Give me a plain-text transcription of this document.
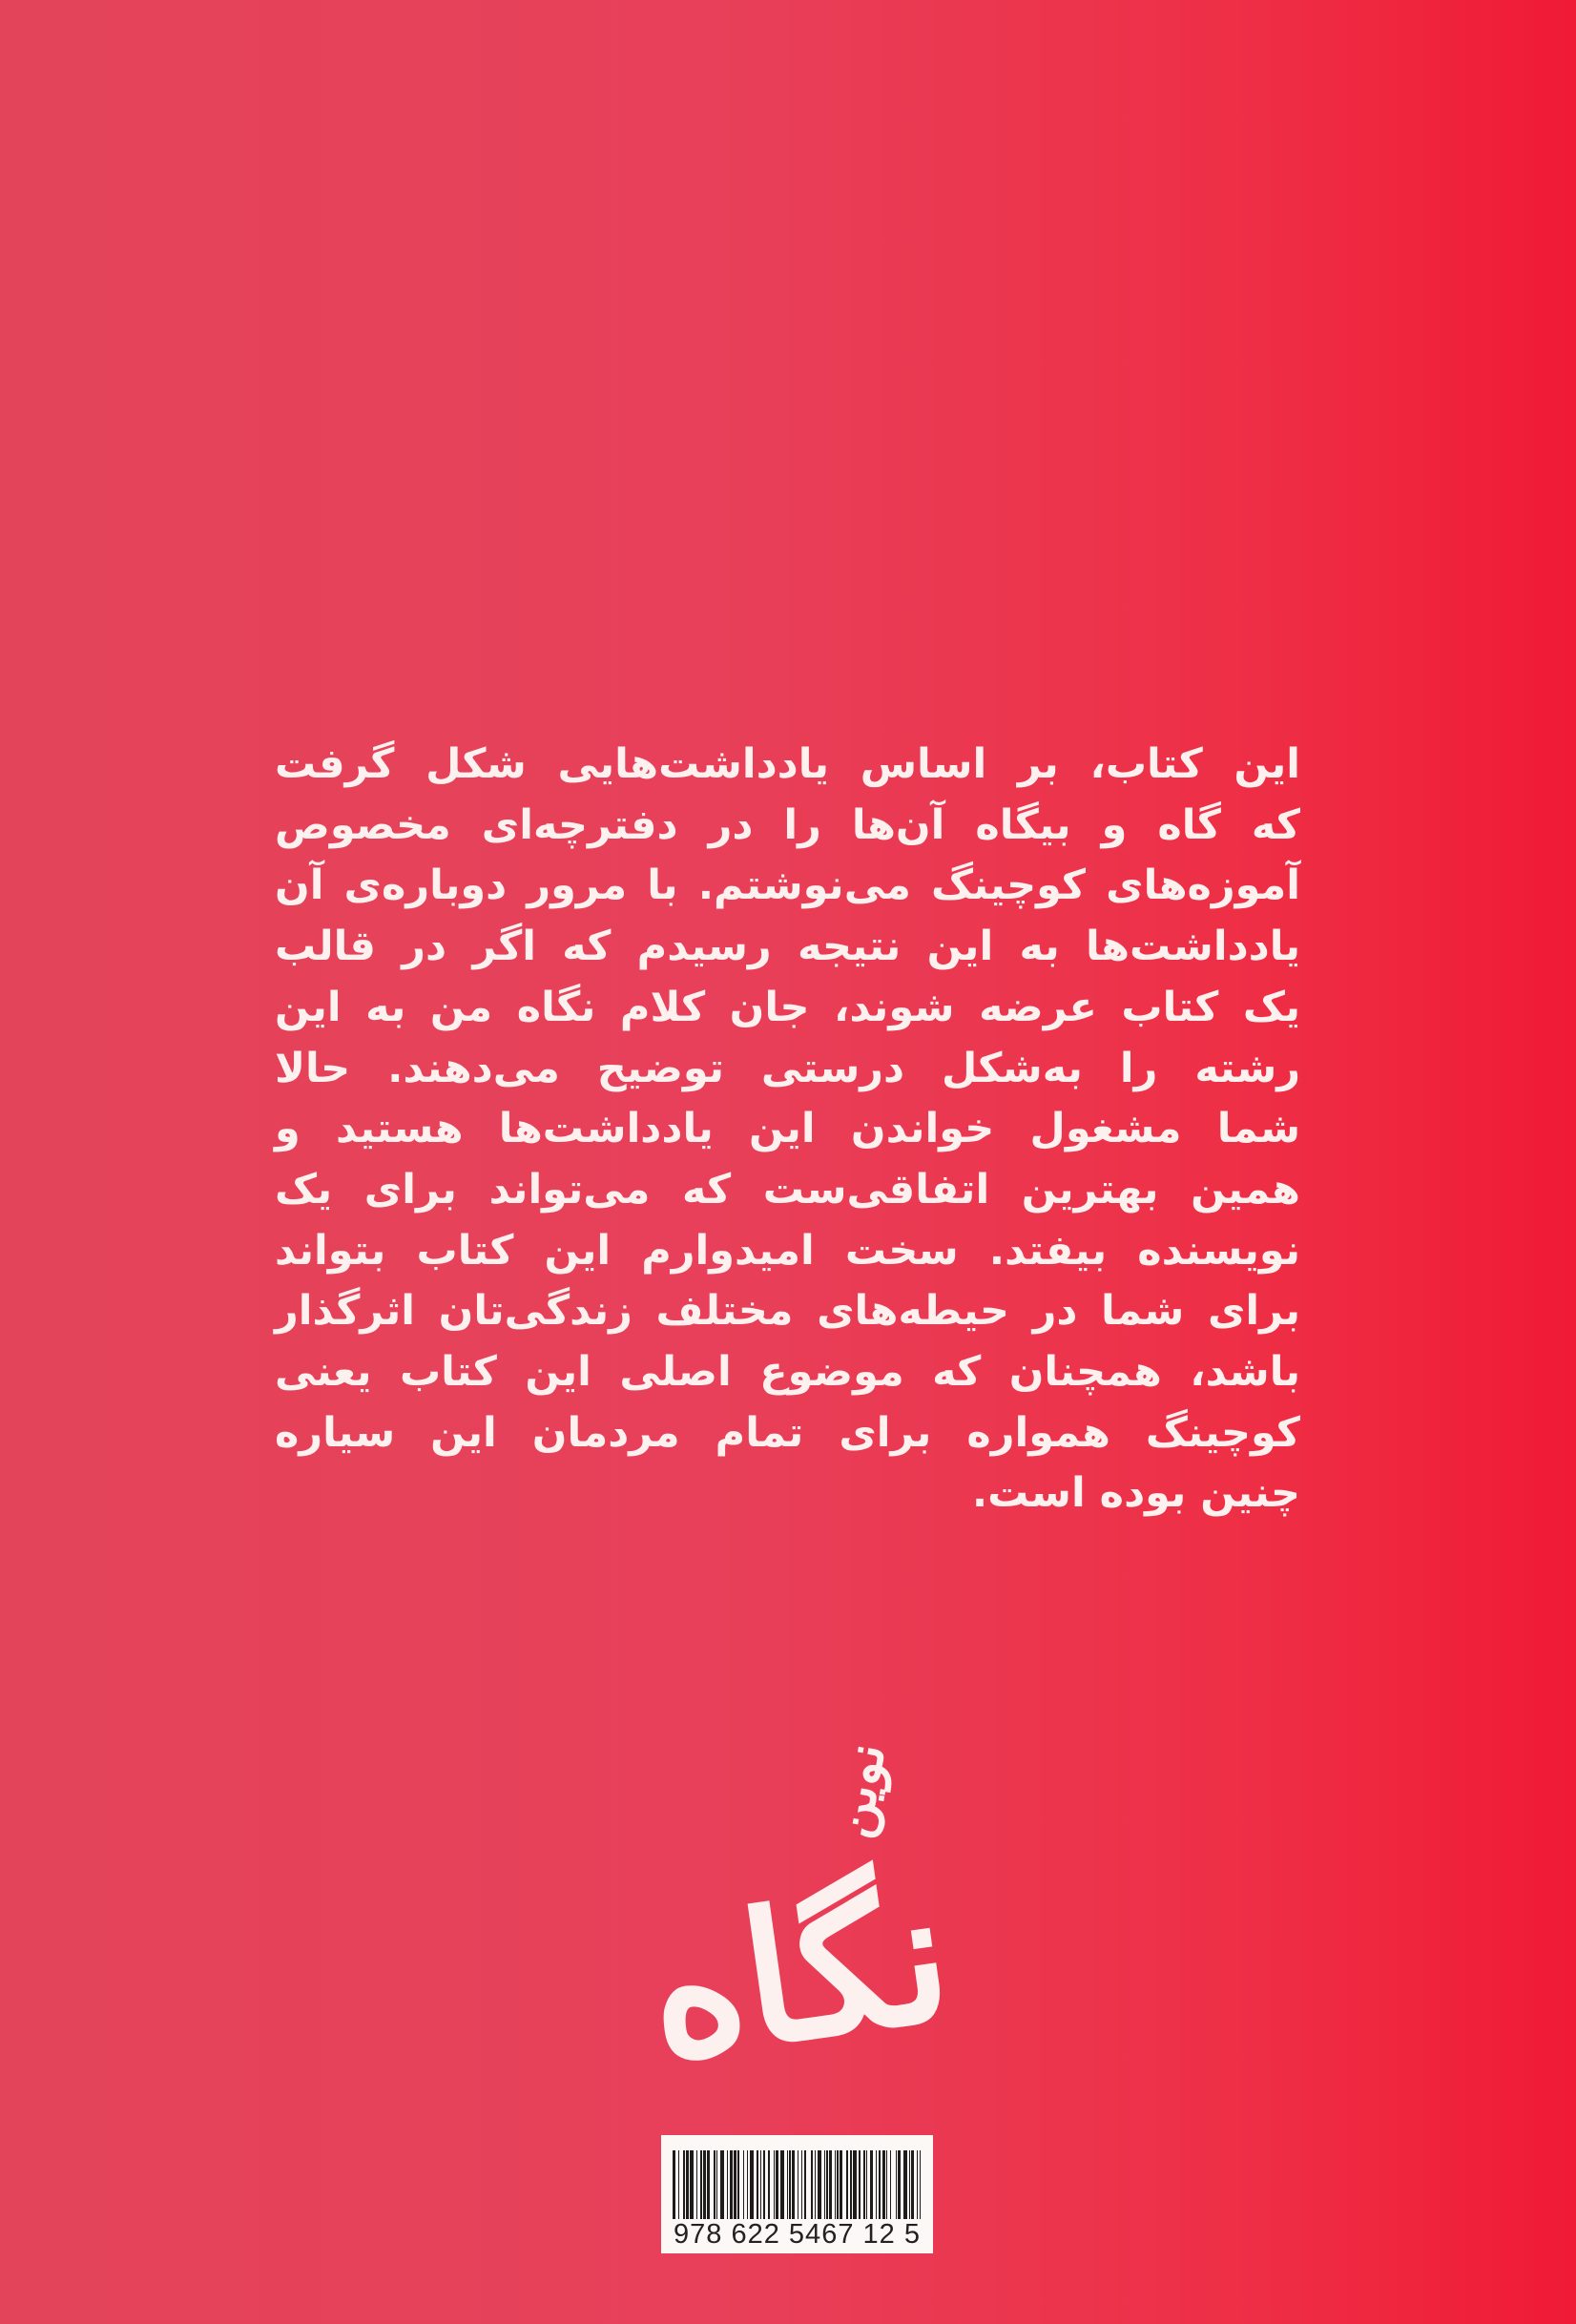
این کتاب، بر اساس یادداشت‌هایی شکل گرفت
که گاه و بیگاه آن‌ها را در دفترچه‌ای مخصوص
آموزه‌های کوچینگ می‌نوشتم. با مرور دوباره‌ی آن
یادداشت‌ها به این نتیجه رسیدم که اگر در قالب
یک کتاب عرضه شوند، جان کلام نگاه من به این
رشته را به‌شکل درستی توضیح می‌دهند. حالا
شما مشغول خواندن این یادداشت‌ها هستید و
همین بهترین اتفاقی‌ست که می‌تواند برای یک
نویسنده بیفتد. سخت امیدوارم این کتاب بتواند
برای شما در حیطه‌های مختلف زندگی‌تان اثرگذار
باشد، همچنان که موضوع اصلی این کتاب یعنی
کوچینگ همواره برای تمام مردمان این سیاره
چنین بوده است.
نگاه
نوین
978 622 5467 12 5
